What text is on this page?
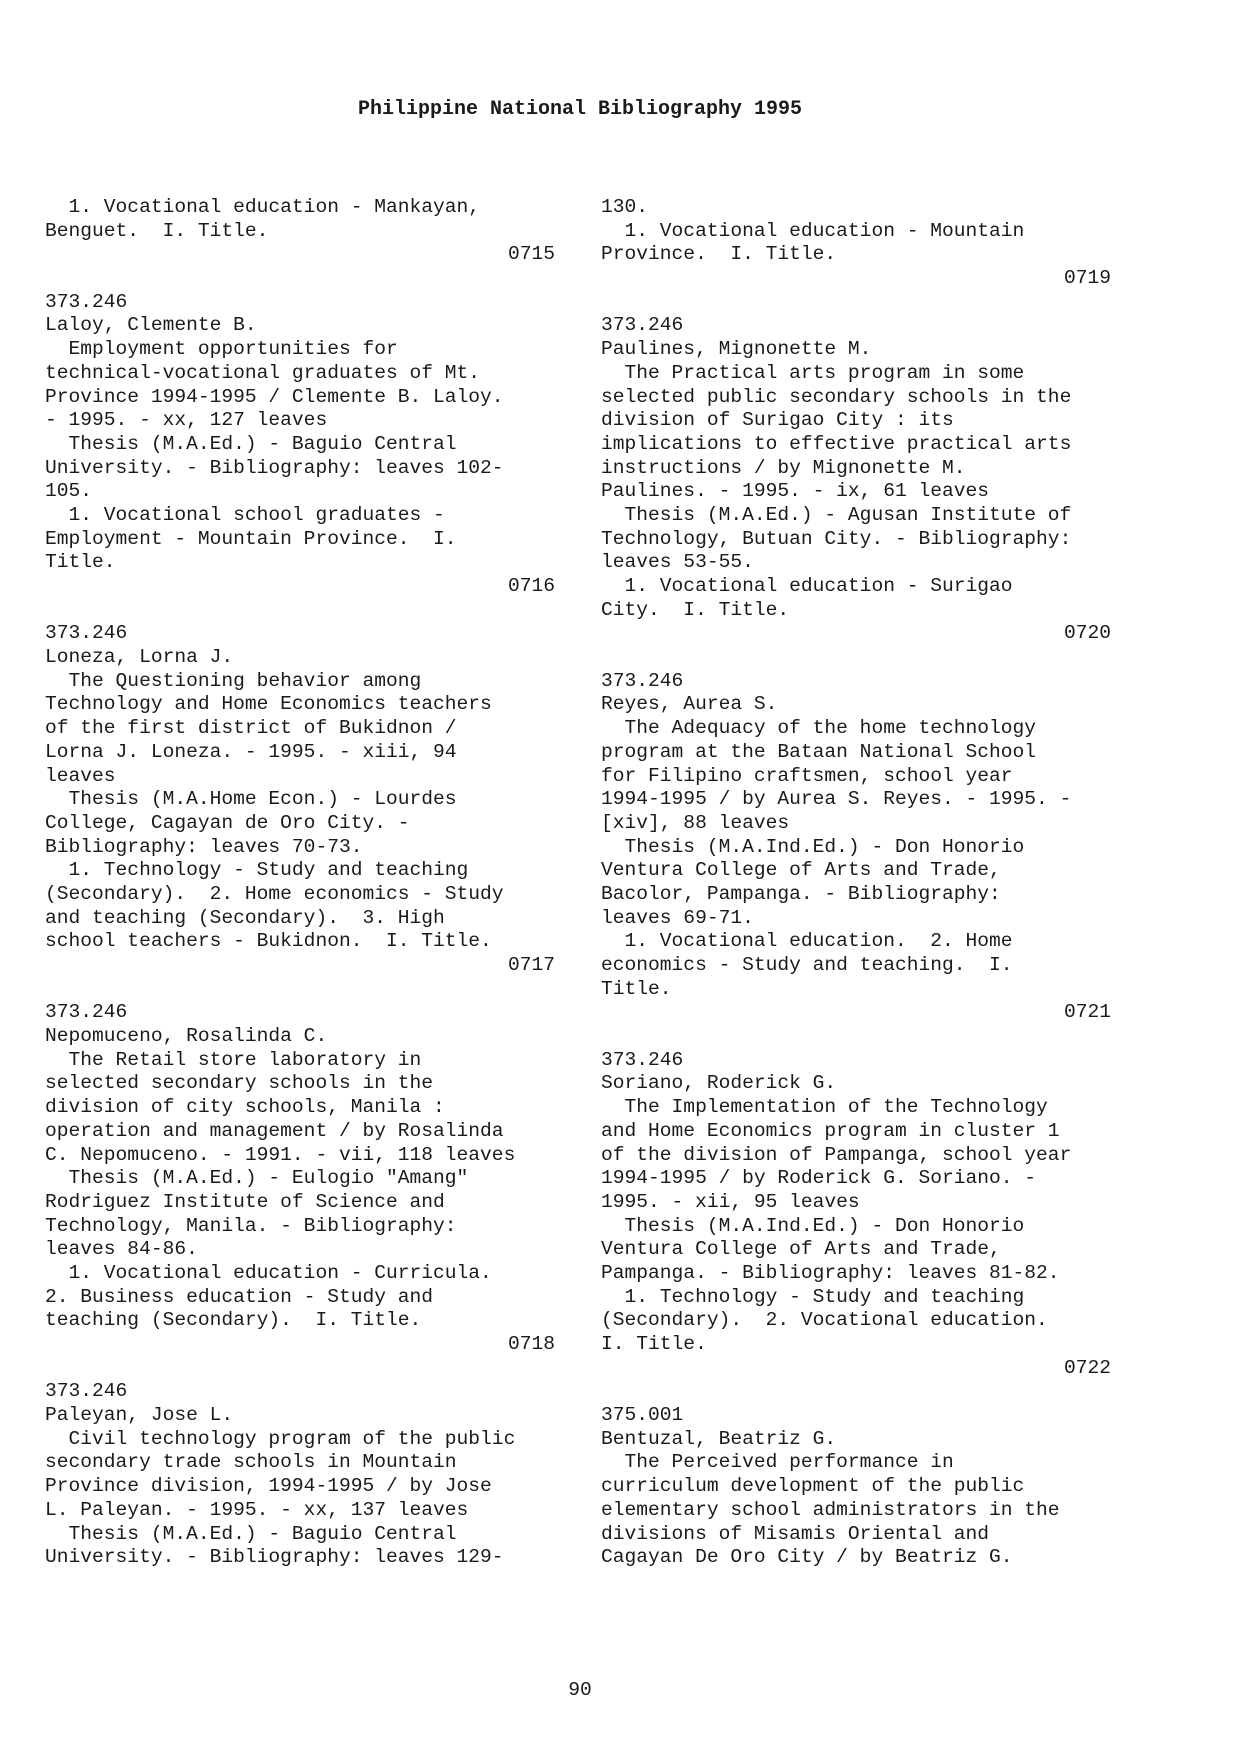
Philippine National Bibliography 1995
1. Vocational education - Mankayan,
Benguet.  I. Title.
0715
373.246
Laloy, Clemente B.
Employment opportunities for
technical-vocational graduates of Mt.
Province 1994-1995 / Clemente B. Laloy.
- 1995. - xx, 127 leaves
Thesis (M.A.Ed.) - Baguio Central
University. - Bibliography: leaves 102-
105.
1. Vocational school graduates -
Employment - Mountain Province.  I.
Title.
0716
373.246
Loneza, Lorna J.
The Questioning behavior among
Technology and Home Economics teachers
of the first district of Bukidnon /
Lorna J. Loneza. - 1995. - xiii, 94
leaves
Thesis (M.A.Home Econ.) - Lourdes
College, Cagayan de Oro City. -
Bibliography: leaves 70-73.
1. Technology - Study and teaching
(Secondary).  2. Home economics - Study
and teaching (Secondary).  3. High
school teachers - Bukidnon.  I. Title.
0717
373.246
Nepomuceno, Rosalinda C.
The Retail store laboratory in
selected secondary schools in the
division of city schools, Manila :
operation and management / by Rosalinda
C. Nepomuceno. - 1991. - vii, 118 leaves
Thesis (M.A.Ed.) - Eulogio "Amang"
Rodriguez Institute of Science and
Technology, Manila. - Bibliography:
leaves 84-86.
1. Vocational education - Curricula.
2. Business education - Study and
teaching (Secondary).  I. Title.
0718
373.246
Paleyan, Jose L.
Civil technology program of the public
secondary trade schools in Mountain
Province division, 1994-1995 / by Jose
L. Paleyan. - 1995. - xx, 137 leaves
Thesis (M.A.Ed.) - Baguio Central
University. - Bibliography: leaves 129-
130.
1. Vocational education - Mountain
Province.  I. Title.
0719
373.246
Paulines, Mignonette M.
The Practical arts program in some
selected public secondary schools in the
division of Surigao City : its
implications to effective practical arts
instructions / by Mignonette M.
Paulines. - 1995. - ix, 61 leaves
Thesis (M.A.Ed.) - Agusan Institute of
Technology, Butuan City. - Bibliography:
leaves 53-55.
1. Vocational education - Surigao
City.  I. Title.
0720
373.246
Reyes, Aurea S.
The Adequacy of the home technology
program at the Bataan National School
for Filipino craftsmen, school year
1994-1995 / by Aurea S. Reyes. - 1995. -
[xiv], 88 leaves
Thesis (M.A.Ind.Ed.) - Don Honorio
Ventura College of Arts and Trade,
Bacolor, Pampanga. - Bibliography:
leaves 69-71.
1. Vocational education.  2. Home
economics - Study and teaching.  I.
Title.
0721
373.246
Soriano, Roderick G.
The Implementation of the Technology
and Home Economics program in cluster 1
of the division of Pampanga, school year
1994-1995 / by Roderick G. Soriano. -
1995. - xii, 95 leaves
Thesis (M.A.Ind.Ed.) - Don Honorio
Ventura College of Arts and Trade,
Pampanga. - Bibliography: leaves 81-82.
1. Technology - Study and teaching
(Secondary).  2. Vocational education.
I. Title.
0722
375.001
Bentuzal, Beatriz G.
The Perceived performance in
curriculum development of the public
elementary school administrators in the
divisions of Misamis Oriental and
Cagayan De Oro City / by Beatriz G.
90
